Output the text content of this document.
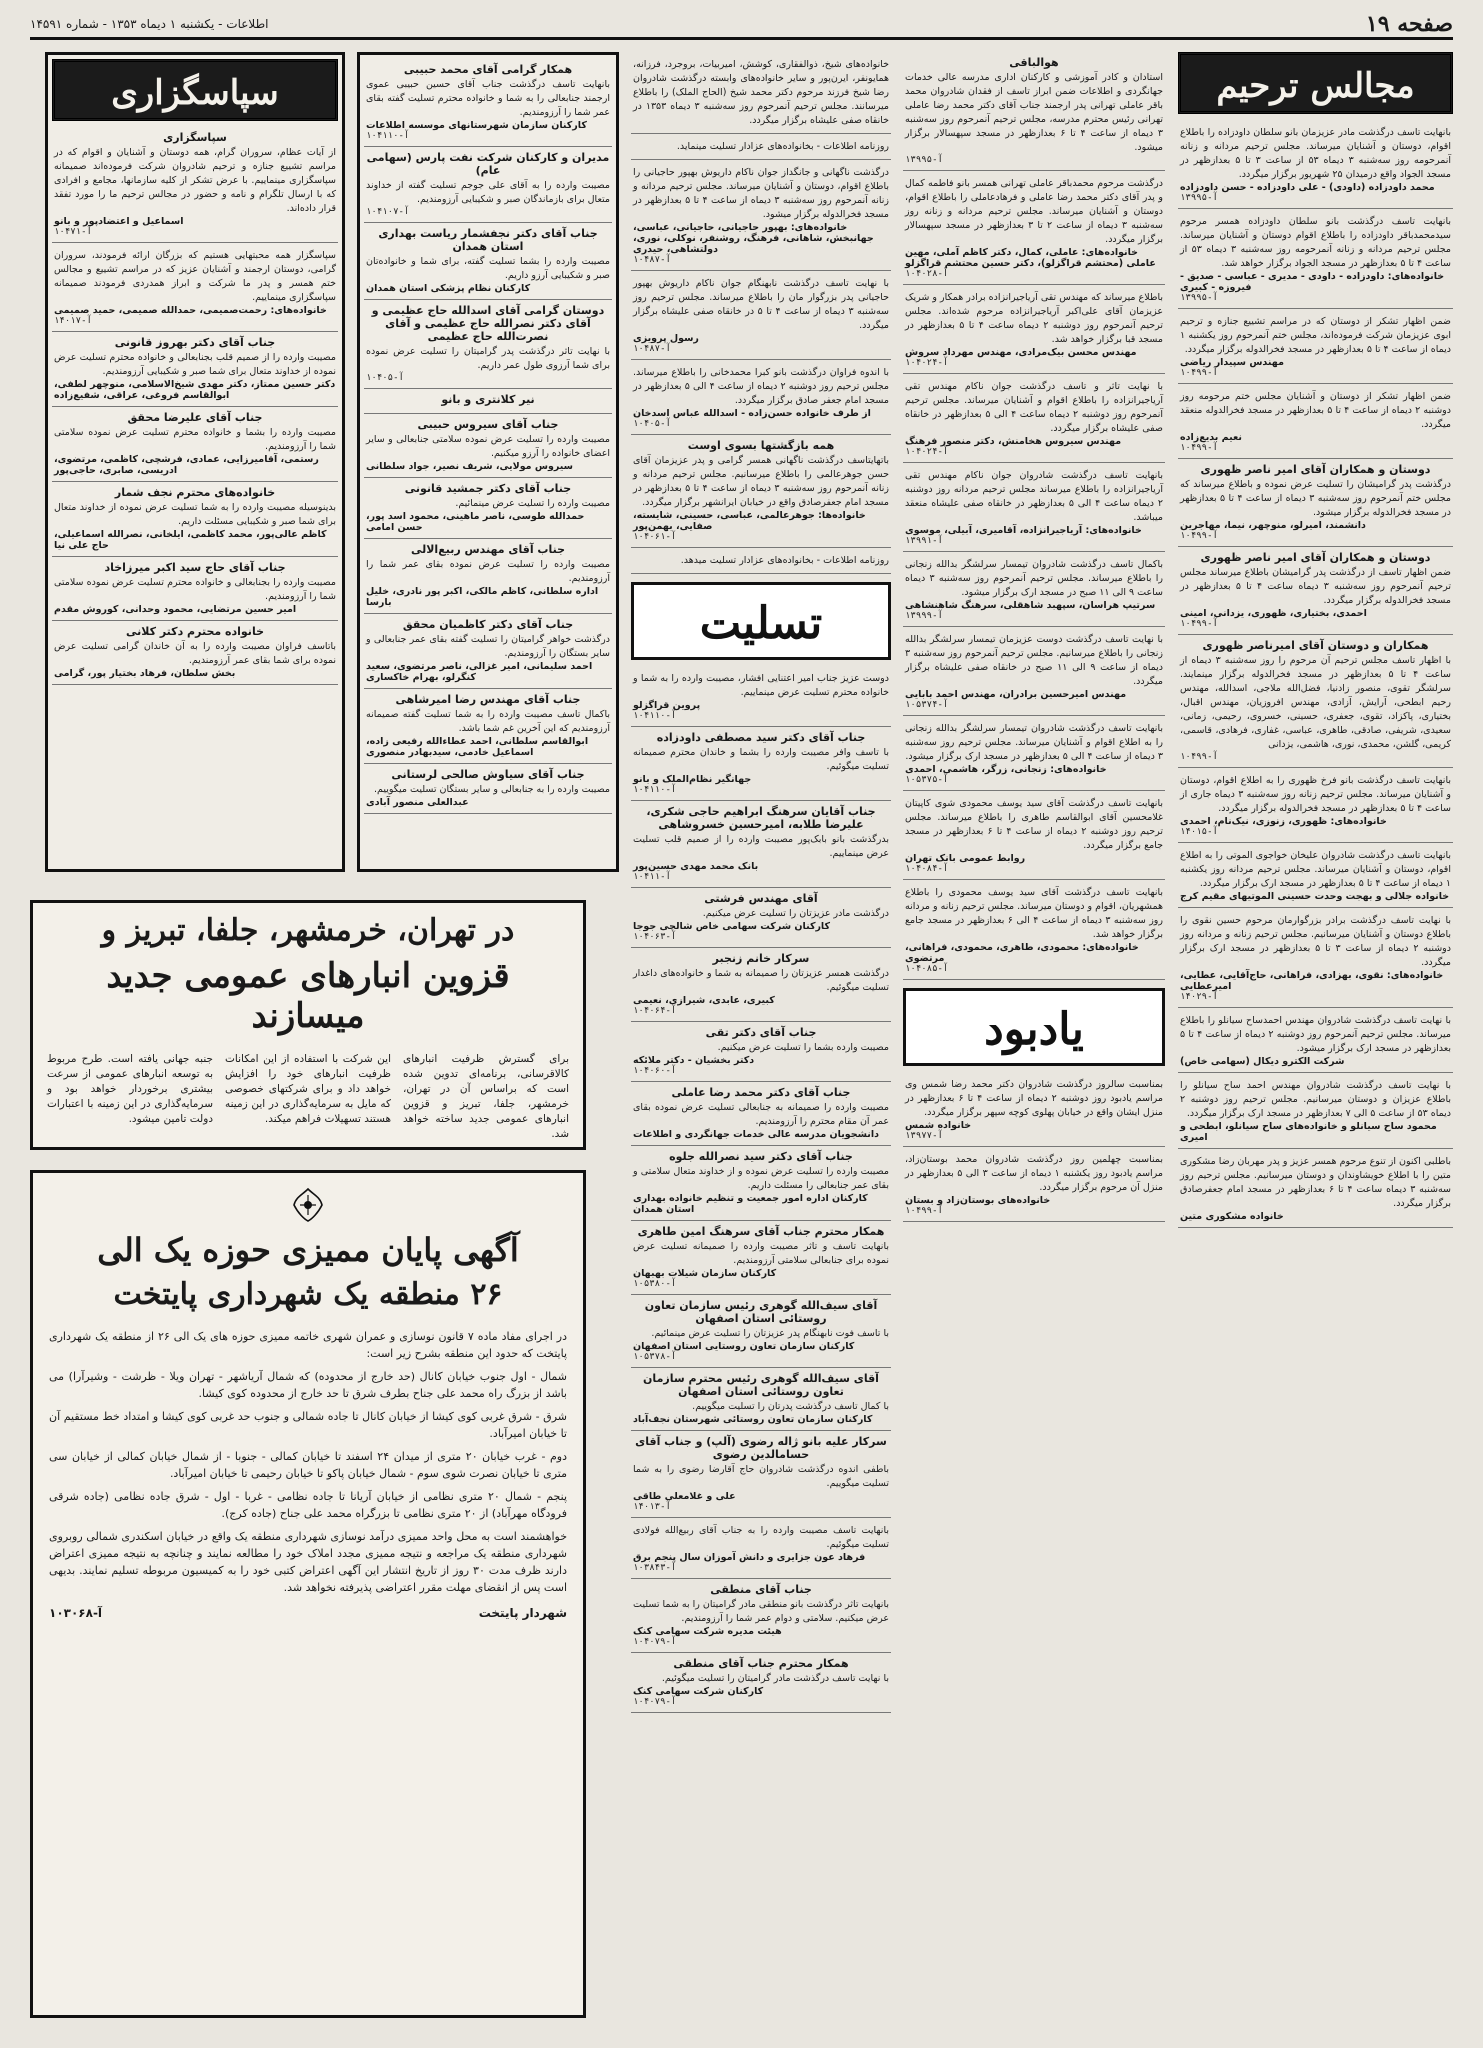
صفحه ۱۹
اطلاعات - یکشنبه ۱ دیماه ۱۳۵۳ - شماره ۱۴۵۹۱
مجالس ترحیم
بانهایت تاسف درگذشت مادر عزیزمان بانو سلطان داودزاده را باطلاع اقوام، دوستان و آشنایان میرساند. مجلس ترحیم مردانه و زنانه آنمرحومه روز سه‌شنبه ۳ دیماه ۵۳ از ساعت ۳ تا ۵ بعدازظهر در مسجد الجواد واقع درمیدان ۲۵ شهریور برگزار میگردد.
محمد داودزاده (داودی) - علی داودزاده - حسن داودزاده
آ-۱۳۹۹۵
بانهایت تاسف درگذشت بانو سلطان داودزاده همسر مرحوم سیدمحمدباقر داودزاده را باطلاع اقوام دوستان و آشنایان میرساند. مجلس ترحیم مردانه و زنانه آنمرحومه روز سه‌شنبه ۳ دیماه ۵۳ از ساعت ۴ تا ۵ بعدازظهر در مسجد الجواد برگزار خواهد شد.
خانواده‌های: داودزاده - داودی - مدیری - عباسی - صدیق - فیروزه - کبیری
آ-۱۳۹۹۵
ضمن اظهار تشکر از دوستان که در مراسم تشییع جنازه و ترحیم ابوی عزیزمان شرکت فرموده‌اند، مجلس ختم آنمرحوم روز یکشنبه ۱ دیماه از ساعت ۴ تا ۵ بعدازظهر در مسجد فخرالدوله برگزار میگردد.
مهندس سپیدار ریاضی
آ-۱۰۴۹۹
ضمن اظهار تشکر از دوستان و آشنایان مجلس ختم مرحومه روز دوشنبه ۲ دیماه از ساعت ۴ تا ۵ بعدازظهر در مسجد فخرالدوله منعقد میگردد.
نعیم بدیع‌زاده
آ-۱۰۴۹۹
دوستان و همکاران آقای امیر ناصر ظهوری
درگذشت پدر گرامیشان را تسلیت عرض نموده و باطلاع میرساند که مجلس ختم آنمرحوم روز سه‌شنبه ۳ دیماه از ساعت ۴ تا ۵ بعدازظهر در مسجد فخرالدوله برگزار میشود.
دانشمند، امیرلو، منوچهر، نیما، مهاجرین
آ-۱۰۴۹۹
دوستان و همکاران آقای امیر ناصر ظهوری
ضمن اظهار تاسف از درگذشت پدر گرامیشان باطلاع میرساند مجلس ترحیم آنمرحوم روز سه‌شنبه ۳ دیماه ساعت ۴ تا ۵ بعدازظهر در مسجد فخرالدوله برگزار میگردد.
احمدی، بختیاری، ظهوری، یزدانی، امینی
آ-۱۰۴۹۹
همکاران و دوستان آقای امیرناصر ظهوری
با اظهار تاسف مجلس ترحیم آن مرحوم را روز سه‌شنبه ۳ دیماه از ساعت ۴ تا ۵ بعدازظهر در مسجد فخرالدوله برگزار مینمایند. سرلشگر تقوی، منصور زادنیا، فضل‌الله ملاجی، اسدالله، مهندس رحیم ابطحی، آرایش، آزادی، مهندس افروزیان، مهندس اقبال، بختیاری، پاکزاد، تقوی، جعفری، حسینی، خسروی، رحیمی، زمانی، سعیدی، شریفی، صادقی، طاهری، عباسی، غفاری، فرهادی، قاسمی، کریمی، گلشن، محمدی، نوری، هاشمی، یزدانی
آ-۱۰۴۹۹
بانهایت تاسف درگذشت بانو فرخ ظهوری را به اطلاع اقوام، دوستان و آشنایان میرساند. مجلس ترحیم زنانه روز سه‌شنبه ۳ دیماه جاری از ساعت ۴ تا ۵ بعدازظهر در مسجد فخرالدوله برگزار میگردد.
خانواده‌های: ظهوری، زنوزی، نیک‌نام، احمدی
آ-۱۴۰۱۵
بانهایت تاسف درگذشت شادروان علیخان خواجوی الموتی را به اطلاع اقوام، دوستان و آشنایان میرساند. مجلس ترحیم مردانه روز یکشنبه ۱ دیماه از ساعت ۴ تا ۵ بعدازظهر در مسجد ارک برگزار میگردد.
خانواده جلالی و بهجت وحدت حسینی الموتیهای مقیم کرج
با نهایت تاسف درگذشت برادر بزرگوارمان مرحوم حسین نقوی را باطلاع دوستان و آشنایان میرسانیم. مجلس ترحیم زنانه و مردانه روز دوشنبه ۲ دیماه از ساعت ۳ تا ۵ بعدازظهر در مسجد ارک برگزار میگردد.
خانواده‌های: نقوی، بهزادی، فراهانی، حاج‌آقایی، عطایی، امیرعطایی
آ-۱۴۰۲۹
با نهایت تاسف درگذشت شادروان مهندس احمدساح سیانلو را باطلاع میرساند. مجلس ترحیم آنمرحوم روز دوشنبه ۲ دیماه از ساعت ۴ تا ۵ بعدازظهر در مسجد ارک برگزار میشود.
شرکت الکترو دیکال (سهامی خاص)
با نهایت تاسف درگذشت شادروان مهندس احمد ساح سیانلو را باطلاع عزیزان و دوستان میرسانیم. مجلس ترحیم روز دوشنبه ۲ دیماه ۵۳ از ساعت ۵ الی ۷ بعدازظهر در مسجد ارک برگزار میگردد.
محمود ساح سیانلو و خانواده‌های ساح سیانلو، ابطحی و امیری
باطلبی اکنون از تنوع مرحوم همسر عزیز و پدر مهربان رضا مشکوری متین را با اطلاع خویشاوندان و دوستان میرسانیم. مجلس ترحیم روز سه‌شنبه ۳ دیماه ساعت ۴ تا ۶ بعدازظهر در مسجد امام جعفرصادق برگزار میگردد.
خانواده مشکوری متین
هوالباقی
استادان و کادر آموزشی و کارکنان اداری مدرسه عالی خدمات جهانگردی و اطلاعات ضمن ابراز تاسف از فقدان شادروان محمد باقر عاملی تهرانی پدر ارجمند جناب آقای دکتر محمد رضا عاملی تهرانی رئیس محترم مدرسه، مجلس ترحیم آنمرحوم روز سه‌شنبه ۳ دیماه از ساعت ۴ تا ۶ بعدازظهر در مسجد سپهسالار برگزار میشود.
آ-۱۳۹۹۵
درگذشت مرحوم محمدباقر عاملی تهرانی همسر بانو فاطمه کمال و پدر آقای دکتر محمد رضا عاملی و فرهادعاملی را باطلاع اقوام، دوستان و آشنایان میرساند. مجلس ترحیم مردانه و زنانه روز سه‌شنبه ۳ دیماه از ساعت ۲ تا ۳ بعدازظهر در مسجد سپهسالار برگزار میگردد.
خانواده‌های: عاملی، کمال، دکتر کاظم آملی، مهین عاملی (محتشم قراگزلو)، دکتر حسین محتشم قراگزلو
آ-۱۰۴۰۲۸
باطلاع میرساند که مهندس تقی آریاجیرانزاده برادر همکار و شریک عزیزمان آقای علی‌اکبر آریاجیرانزاده مرحوم شده‌اند. مجلس ترحیم آنمرحوم روز دوشنبه ۲ دیماه ساعت ۴ تا ۵ بعدازظهر در مسجد قبا برگزار خواهد شد.
مهندس محسن بیک‌مرادی، مهندس مهرداد سروش
آ-۱۰۴۰۲۴
با نهایت تاثر و تاسف درگذشت جوان ناکام مهندس تقی آریاجیرانزاده را باطلاع اقوام و آشنایان میرساند. مجلس ترحیم آنمرحوم روز دوشنبه ۲ دیماه ساعت ۴ الی ۵ بعدازظهر در خانقاه صفی علیشاه برگزار میگردد.
مهندس سیروس هخامنش، دکتر منصور فرهنگ
آ-۱۰۴۰۲۴
بانهایت تاسف درگذشت شادروان جوان ناکام مهندس تقی آریاجیرانزاده را باطلاع میرساند مجلس ترحیم مردانه روز دوشنبه ۲ دیماه ساعت ۴ الی ۵ بعدازظهر در خانقاه صفی علیشاه منعقد میباشد.
خانواده‌های: آریاجیرانزاده، آقامیری، آبیلی، موسوی
آ-۱۳۹۹۱
باکمال تاسف درگذشت شادروان تیمسار سرلشگر بدالله زنجانی را باطلاع میرساند. مجلس ترحیم آنمرحوم روز سه‌شنبه ۳ دیماه ساعت ۹ الی ۱۱ صبح در مسجد ارک برگزار میشود.
سرتیپ هراسان، سپهبد شاهقلی، سرهنگ شاهنشاهی
آ-۱۳۹۹۹
با نهایت تاسف درگذشت دوست عزیزمان تیمسار سرلشگر بدالله زنجانی را باطلاع میرسانیم. مجلس ترحیم آنمرحوم روز سه‌شنبه ۳ دیماه از ساعت ۹ الی ۱۱ صبح در خانقاه صفی علیشاه برگزار میگردد.
مهندس امیرحسین برادران، مهندس احمد بابایی
آ-۱۰۵۳۷۴
بانهایت تاسف درگذشت شادروان تیمسار سرلشگر بدالله زنجانی را به اطلاع اقوام و آشنایان میرساند. مجلس ترحیم روز سه‌شنبه ۳ دیماه از ساعت ۴ الی ۵ بعدازظهر در مسجد ارک برگزار میشود.
خانواده‌های: زنجانی، زرگر، هاشمی، احمدی
آ-۱۰۵۳۷۵
بانهایت تاسف درگذشت آقای سید یوسف محمودی شوی کاپیتان غلامحسین آقای ابوالقاسم طاهری را باطلاع میرساند. مجلس ترحیم روز دوشنبه ۲ دیماه از ساعت ۴ تا ۶ بعدازظهر در مسجد جامع برگزار میگردد.
روابط عمومی بانک تهران
آ-۱۰۴۰۸۴
بانهایت تاسف درگذشت آقای سید یوسف محمودی را باطلاع همشهریان، اقوام و دوستان میرساند. مجلس ترحیم زنانه و مردانه روز سه‌شنبه ۳ دیماه از ساعت ۴ الی ۶ بعدازظهر در مسجد جامع برگزار خواهد شد.
خانواده‌های: محمودی، طاهری، محمودی، فراهانی، مرتضوی
آ-۱۰۴۰۸۵
یادبود
بمناسبت سالروز درگذشت شادروان دکتر محمد رضا شمس وی مراسم یادبود روز دوشنبه ۲ دیماه از ساعت ۴ تا ۶ بعدازظهر در منزل ایشان واقع در خیابان پهلوی کوچه سپهر برگزار میگردد.
خانواده شمس
آ-۱۳۹۷۷
بمناسبت چهلمین روز درگذشت شادروان محمد بوستان‌زاد، مراسم یادبود روز یکشنبه ۱ دیماه از ساعت ۳ الی ۵ بعدازظهر در منزل آن مرحوم برگزار میگردد.
خانواده‌های بوستان‌زاد و بستان
آ-۱۰۴۹۹
خانواده‌های شیخ، ذوالفقاری، کوشش، امیربیات، بروجرد، فرزانه، همایونفر، ایرن‌پور و سایر خانواده‌های وابسته درگذشت شادروان رضا شیخ فرزند مرحوم دکتر محمد شیخ (الحاج الملک) را باطلاع میرسانند. مجلس ترحیم آنمرحوم روز سه‌شنبه ۳ دیماه ۱۳۵۳ در خانقاه صفی علیشاه برگزار میگردد.
روزنامه اطلاعات - بخانواده‌های عزادار تسلیت مینماید.
درگذشت ناگهانی و جانگداز جوان ناکام داریوش بهپور حاجیانی را باطلاع اقوام، دوستان و آشنایان میرساند. مجلس ترحیم مردانه و زنانه آنمرحوم روز سه‌شنبه ۳ دیماه از ساعت ۴ تا ۵ بعدازظهر در مسجد فخرالدوله برگزار میشود.
خانواده‌های: بهپور حاجیانی، حاجیانی، عباسی، جهانبخش، شاهانی، فرهنگ، روشنفر، نوکلی، نوری، دولتشاهی، حیدری
آ-۱۰۴۸۷
با نهایت تاسف درگذشت نابهنگام جوان ناکام داریوش بهپور حاجیانی پدر بزرگوار مان را باطلاع میرساند. مجلس ترحیم روز سه‌شنبه ۳ دیماه از ساعت ۴ تا ۵ در خانقاه صفی علیشاه برگزار میگردد.
رسول پرویزی
آ-۱۰۴۸۷
با اندوه فراوان درگذشت بانو کبرا محمدخانی را باطلاع میرساند. مجلس ترحیم روز دوشنبه ۲ دیماه از ساعت ۴ الی ۵ بعدازظهر در مسجد امام جعفر صادق برگزار میگردد.
از طرف خانواده حسن‌زاده - اسدالله عباس اسدخان
آ-۱۰۴۰۵
همه بازگشتها بسوی اوست
باتهایتاسف درگذشت ناگهانی همسر گرامی و پدر عزیزمان آقای حسن جوهرعالمی را باطلاع میرسانیم. مجلس ترحیم مردانه و زنانه آنمرحوم روز سه‌شنبه ۳ دیماه از ساعت ۴ تا ۵ بعدازظهر در مسجد امام جعفرصادق واقع در خیابان ایرانشهر برگزار میگردد.
خانواده‌ها: جوهرعالمی، عباسی، حسینی، شایسته، صفایی، بهمن‌پور
آ-۱۰۴۰۶۱
روزنامه اطلاعات - بخانواده‌های عزادار تسلیت میدهد.
تسلیت
دوست عزیز جناب امیر اعتنایی افشار، مصیبت وارده را به شما و خانواده محترم تسلیت عرض مینماییم.
پروین قراگزلو
آ-۱۰۴۱۱۰
جناب آقای دکتر سید مصطفی داودزاده
با تاسف وافر مصیبت وارده را بشما و خاندان محترم صمیمانه تسلیت میگوئیم.
جهانگیر نظام‌الملک و بانو
آ-۱۰۴۱۱۰
جناب آقایان سرهنگ ابراهیم حاجی شکری، علیرضا طلابه، امیرحسین خسروشاهی
بدرگذشت بانو بابک‌پور مصیبت وارده را از صمیم قلب تسلیت عرض مینماییم.
بانک محمد مهدی حسین‌پور
آ-۱۰۴۱۱
آقای مهندس فرشتی
درگذشت مادر عزیزتان را تسلیت عرض میکنیم.
کارکنان شرکت سهامی خاص شالچی جوجا
آ-۱۰۴۰۶۳
سرکار خانم زنجبر
درگذشت همسر عزیزتان را صمیمانه به شما و خانواده‌های داغدار تسلیت میگوئیم.
کبیری، عابدی، شیرازی، نعیمی
آ-۱۰۴۰۶۴
جناب آقای دکتر تقی
مصیبت وارده بشما را تسلیت عرض میکنیم.
دکتر بخشیان - دکتر ملائکه
آ-۱۰۴۰۶۰
جناب آقای دکتر محمد رضا عاملی
مصیبت وارده را صمیمانه به جنابعالی تسلیت عرض نموده بقای عمر آن مقام محترم را آرزومندیم.
دانشجویان مدرسه عالی خدمات جهانگردی و اطلاعات
جناب آقای دکتر سید نصرالله جلوه
مصیبت وارده را تسلیت عرض نموده و از خداوند متعال سلامتی و بقای عمر جنابعالی را مسئلت داریم.
کارکنان اداره امور جمعیت و تنظیم خانواده بهداری استان همدان
همکار محترم جناب آقای سرهنگ امین طاهری
بانهایت تاسف و تاثر مصیبت وارده را صمیمانه تسلیت عرض نموده برای جنابعالی سلامتی آرزومندیم.
کارکنان سازمان شیلات بهبهان
آ-۱۰۵۳۸۰
آقای سیف‌الله گوهری رئیس سازمان تعاون روستائی استان اصفهان
با تاسف فوت نابهنگام پدر عزیزتان را تسلیت عرض مینمائیم.
کارکنان سازمان تعاون روستایی استان اصفهان
آ-۱۰۵۳۷۸
آقای سیف‌الله گوهری رئیس محترم سازمان تعاون روستائی استان اصفهان
با کمال تاسف درگذشت پدرتان را تسلیت میگوییم.
کارکنان سازمان تعاون روستائی شهرستان نجف‌آباد
سرکار علیه بانو ژاله رضوی (آلپ) و جناب آقای حسامالدین رضوی
باطفی اندوه درگذشت شادروان حاج آقارضا رضوی را به شما تسلیت میگوییم.
علی و غلامعلی طاقی
آ-۱۴۰۱۳
بانهایت تاسف مصیبت وارده را به جناب آقای ربیع‌الله فولادی تسلیت میگوئیم.
فرهاد عون جزایری و دانش آموزان سال پنجم برق
آ-۱۰۳۸۴۳
جناب آقای منطقی
بانهایت تاثر درگذشت بانو منطقی مادر گرامیتان را به شما تسلیت عرض میکنیم. سلامتی و دوام عمر شما را آرزومندیم.
هیئت مدیره شرکت سهامی کنک
آ-۱۰۴۰۷۹
همکار محترم جناب آقای منطقی
با نهایت تاسف درگذشت مادر گرامیتان را تسلیت میگوئیم.
کارکنان شرکت سهامی کنک
آ-۱۰۴۰۷۹
همکار گرامی آقای محمد حبیبی
بانهایت تاسف درگذشت جناب آقای حسین حبیبی عموی ارجمند جنابعالی را به شما و خانواده محترم تسلیت گفته بقای عمر شما را آرزومندیم.
کارکنان سازمان شهرستانهای موسسه اطلاعات
آ-۱۰۴۱۱۰
مدیران و کارکنان شرکت نفت پارس (سهامی عام)
مصیبت وارده را به آقای علی جوجم تسلیت گفته از خداوند متعال برای بازماندگان صبر و شکیبایی آرزومندیم.
آ-۱۰۴۱۰۷
جناب آقای دکتر نجفشمار ریاست بهداری استان همدان
مصیبت وارده را بشما تسلیت گفته، برای شما و خانواده‌تان صبر و شکیبایی آرزو داریم.
کارکنان نظام پزشکی استان همدان
دوستان گرامی آقای اسدالله حاج عظیمی و آقای دکتر نصرالله حاج عظیمی و آقای نصرت‌الله حاج عظیمی
با نهایت تاثر درگذشت پدر گرامیتان را تسلیت عرض نموده برای شما آرزوی طول عمر داریم.
آ-۱۰۴۰۵
نیر کلانتری و بانو
جناب آقای سیروس حبیبی
مصیبت وارده را تسلیت عرض نموده سلامتی جنابعالی و سایر اعضای خانواده را آرزو میکنیم.
سیروس مولایی، شریف نصیر، جواد سلطانی
جناب آقای دکتر جمشید قانونی
مصیبت وارده را تسلیت عرض مینمائیم.
حمدالله طوسی، ناصر ماهینی، محمود اسد پور، حسن امامی
جناب آقای مهندس ربیع‌الالی
مصیبت وارده را تسلیت عرض نموده بقای عمر شما را آرزومندیم.
اداره سلطانی، کاظم مالکی، اکبر پور نادری، خلیل بارسا
جناب آقای دکتر کاظمیان محقق
درگذشت خواهر گرامیتان را تسلیت گفته بقای عمر جنابعالی و سایر بستگان را آرزومندیم.
احمد سلیمانی، امیر غزالی، ناصر مرتضوی، سعید کنگرلو، بهرام خاکساری
جناب آقای مهندس رضا امیرشاهی
باکمال تاسف مصیبت وارده را به شما تسلیت گفته صمیمانه آرزومندیم که این آخرین غم شما باشد.
ابوالقاسم سلطانی، احمد عطاء‌الله رفیعی زاده، اسماعیل خادمی، سیدبهادر منصوری
جناب آقای سیاوش صالحی لرستانی
مصیبت وارده را به جنابعالی و سایر بستگان تسلیت میگوییم.
عبدالعلی منصور آبادی
سپاسگزاری
سپاسگزاری
از آیات عظام، سروران گرام، همه دوستان و آشنایان و اقوام که در مراسم تشییع جنازه و ترحیم شادروان شرکت فرموده‌اند صمیمانه سپاسگزاری مینماییم. با عرض تشکر از کلیه سازمانها، مجامع و افرادی که با ارسال تلگرام و نامه و حضور در مجالس ترحیم ما را مورد تفقد قرار داده‌اند.
اسماعیل و اعتضادپور و بانو
آ-۱۰۴۷۱
سپاسگزار همه محبتهایی هستیم که بزرگان ارائه فرمودند، سروران گرامی، دوستان ارجمند و آشنایان عزیز که در مراسم تشییع و مجالس ختم همسر و پدر ما شرکت و ابراز همدردی فرمودند صمیمانه سپاسگزاری مینماییم.
خانواده‌های: رحمت‌صمیمی، حمدالله صمیمی، حمید صمیمی
آ-۱۴۰۱۷
جناب آقای دکتر بهروز قانونی
مصیبت وارده را از صمیم قلب بجنابعالی و خانواده محترم تسلیت عرض نموده از خداوند متعال برای شما صبر و شکیبایی آرزومندیم.
دکتر حسین ممتاز، دکتر مهدی شیخ‌الاسلامی، منوچهر لطفی، ابوالقاسم فروغی، عراقی، شفیع‌زاده
جناب آقای علیرضا محقق
مصیبت وارده را بشما و خانواده محترم تسلیت عرض نموده سلامتی شما را آرزومندیم.
رستمی، آقامیرزایی، عمادی، فرشچی، کاظمی، مرتضوی، ادریسی، صابری، حاجی‌پور
خانواده‌های محترم نجف شمار
بدینوسیله مصیبت وارده را به شما تسلیت عرض نموده از خداوند متعال برای شما صبر و شکیبایی مسئلت داریم.
کاظم عالی‌پور، محمد کاظمی، ایلخانی، نصرالله اسماعیلی، حاج علی نیا
جناب آقای حاج سید اکبر میرزاخاد
مصیبت وارده را بجنابعالی و خانواده محترم تسلیت عرض نموده سلامتی شما را آرزومندیم.
امیر حسین مرتضایی، محمود وحدانی، کوروش مقدم
خانواده محترم دکتر کلانی
باتاسف فراوان مصیبت وارده را به آن خاندان گرامی تسلیت عرض نموده برای شما بقای عمر آرزومندیم.
بخش سلطان، فرهاد بختیار پور، گرامی
در تهران، خرمشهر، جلفا، تبریز و
قزوین انبارهای عمومی جدید میسازند
برای گسترش ظرفیت انبارهای کالاقرسانی، برنامه‌ای تدوین شده است که براساس آن در تهران، خرمشهر، جلفا، تبریز و قزوین انبارهای عمومی جدید ساخته خواهد شد.
این شرکت با استفاده از این امکانات ظرفیت انبارهای خود را افزایش خواهد داد و برای شرکتهای خصوصی که مایل به سرمایه‌گذاری در این زمینه هستند تسهیلات فراهم میکند.
جنبه جهانی یافته است. طرح مربوط به توسعه انبارهای عمومی از سرعت بیشتری برخوردار خواهد بود و سرمایه‌گذاری در این زمینه با اعتبارات دولت تامین میشود.
آگهی پایان ممیزی حوزه یک الی
۲۶ منطقه یک شهرداری پایتخت

در اجرای مفاد ماده ۷ قانون نوسازی و عمران شهری خاتمه ممیزی حوزه های یک الی ۲۶ از منطقه یک شهرداری پایتخت که حدود این منطقه بشرح زیر است:

شمال - اول جنوب خیابان کانال (حد خارج از محدوده) که شمال آریاشهر - تهران ویلا - ظرشت - وشیرآرا) می باشد از بزرگ راه محمد علی جناح بطرف شرق تا حد خارج از محدوده کوی کیشا.

شرق - شرق غربی کوی کیشا از خیابان کانال تا جاده شمالی و جنوب حد غربی کوی کیشا و امتداد خط مستقیم آن تا خیابان امیرآباد.

دوم - غرب خیابان ۲۰ متری از میدان ۲۴ اسفند تا خیابان کمالی - جنوبا - از شمال خیابان کمالی از خیابان سی متری تا خیابان نصرت شوی سوم - شمال خیابان پاکو تا خیابان رحیمی تا خیابان امیرآباد.

پنجم - شمال ۲۰ متری نظامی از خیابان آریانا تا جاده نظامی - غربا - اول - شرق جاده نظامی (جاده شرقی فرودگاه مهرآباد) از ۲۰ متری نظامی تا بزرگراه محمد علی جناح (جاده کرج).

خواهشمند است به محل واحد ممیزی درآمد نوسازی شهرداری منطقه یک واقع در خیابان اسکندری شمالی روبروی شهرداری منطقه یک مراجعه و نتیجه ممیزی مجدد املاک خود را مطالعه نمایند و چنانچه به نتیجه ممیزی اعتراض دارند ظرف مدت ۳۰ روز از تاریخ انتشار این آگهی اعتراض کتبی خود را به کمیسیون مربوطه تسلیم نمایند. بدیهی است پس از انقضای مهلت مقرر اعتراضی پذیرفته نخواهد شد.

شهردار پایتخت
آ-۱۰۳۰۶۸
